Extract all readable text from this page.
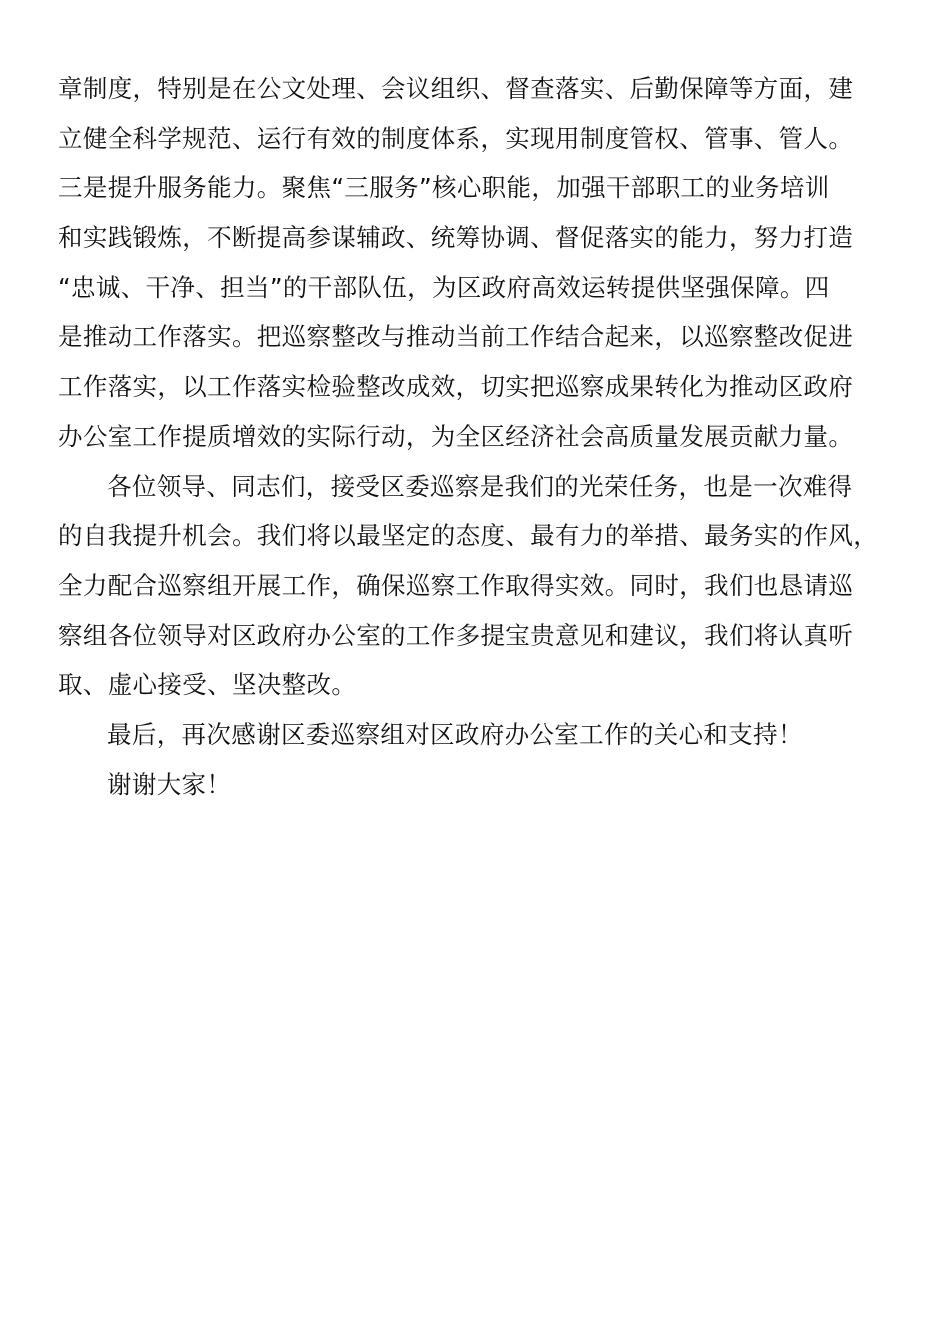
章制度，特别是在公文处理、会议组织、督查落实、后勤保障等方面，建
立健全科学规范、运行有效的制度体系，实现用制度管权、管事、管人。
三是提升服务能力。聚焦“三服务”核心职能，加强干部职工的业务培训
和实践锻炼，不断提高参谋辅政、统筹协调、督促落实的能力，努力打造
“忠诚、干净、担当”的干部队伍，为区政府高效运转提供坚强保障。四
是推动工作落实。把巡察整改与推动当前工作结合起来，以巡察整改促进
工作落实，以工作落实检验整改成效，切实把巡察成果转化为推动区政府
办公室工作提质增效的实际行动，为全区经济社会高质量发展贡献力量。
各位领导、同志们，接受区委巡察是我们的光荣任务，也是一次难得
的自我提升机会。我们将以最坚定的态度、最有力的举措、最务实的作风，
全力配合巡察组开展工作，确保巡察工作取得实效。同时，我们也恳请巡
察组各位领导对区政府办公室的工作多提宝贵意见和建议，我们将认真听
取、虚心接受、坚决整改。
最后，再次感谢区委巡察组对区政府办公室工作的关心和支持！
谢谢大家！
